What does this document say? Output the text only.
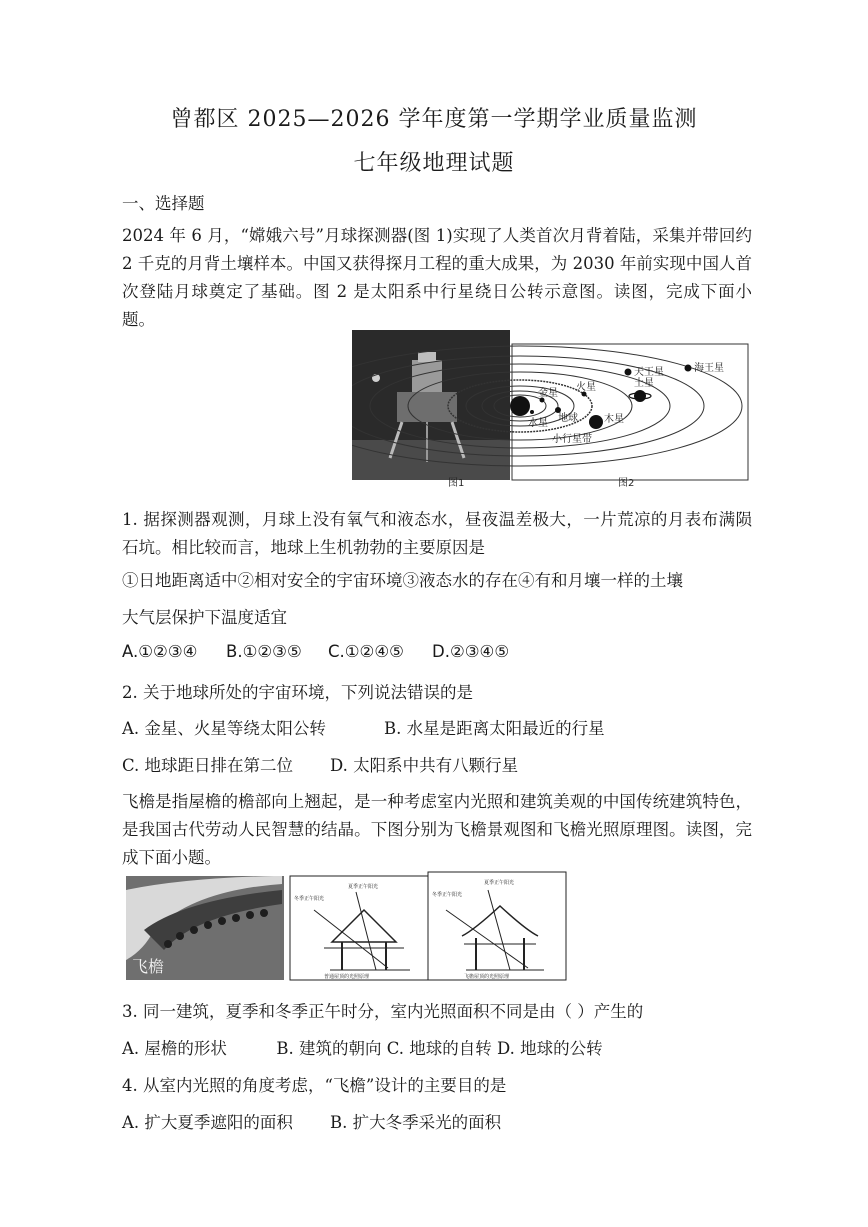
曾都区 2025—2026 学年度第一学期学业质量监测
七年级地理试题
一、选择题
2024 年 6 月，“嫦娥六号”月球探测器(图 1)实现了人类首次月背着陆，采集并带回约 2 千克的月背土壤样本。中国又获得探月工程的重大成果，为 2030 年前实现中国人首次登陆月球奠定了基础。图 2 是太阳系中行星绕日公转示意图。读图，完成下面小题。
图1
天王星	海王星
土星
木星
火星
地球
金星
水星
小行星带
图2
1. 据探测器观测，月球上没有氧气和液态水，昼夜温差极大，一片荒凉的月表布满陨石坑。相比较而言，地球上生机勃勃的主要原因是
①日地距离适中②相对安全的宇宙环境③液态水的存在④有和月壤一样的土壤
大气层保护下温度适宜
A.①②③④ B.①②③⑤ C.①②④⑤ D.②③④⑤
2. 关于地球所处的宇宙环境，下列说法错误的是
A. 金星、火星等绕太阳公转	B. 水星是距离太阳最近的行星
C. 地球距日排在第二位 D. 太阳系中共有八颗行星
飞檐是指屋檐的檐部向上翘起，是一种考虑室内光照和建筑美观的中国传统建筑特色，是我国古代劳动人民智慧的结晶。下图分别为飞檐景观图和飞檐光照原理图。读图，完成下面小题。
飞檐
夏季正午阳光
冬季正午阳光
普通屋顶的光照原理
夏季正午阳光
冬季正午阳光
飞檐屋顶的光照原理
3. 同一建筑，夏季和冬季正午时分，室内光照面积不同是由（ ）产生的
A. 屋檐的形状　　　B. 建筑的朝向 C. 地球的自转 D. 地球的公转
4. 从室内光照的角度考虑，“飞檐”设计的主要目的是
A. 扩大夏季遮阳的面积 B. 扩大冬季采光的面积
